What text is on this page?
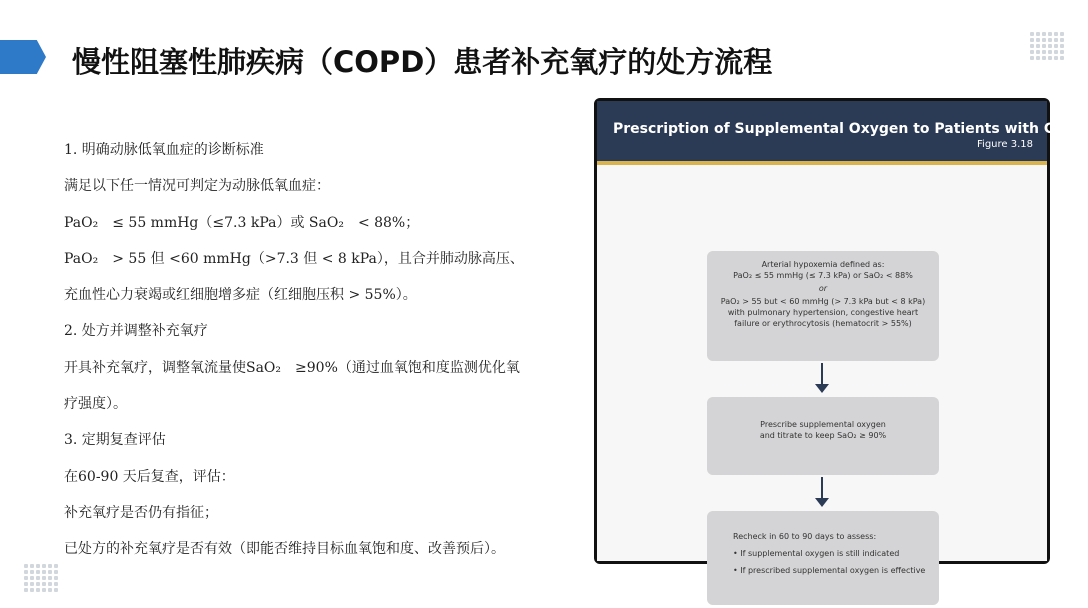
慢性阻塞性肺疾病（COPD）患者补充氧疗的处方流程

1. 明确动脉低氧血症的诊断标准

满足以下任一情况可判定为动脉低氧血症：

PaO₂　≤ 55 mmHg（≤7.3 kPa）或 SaO₂　< 88%；

PaO₂　> 55 但 <60 mmHg（>7.3 但 < 8 kPa），且合并肺动脉高压、

充血性心力衰竭或红细胞增多症（红细胞压积 > 55%）。

2. 处方并调整补充氧疗

开具补充氧疗，调整氧流量使SaO₂　≥90%（通过血氧饱和度监测优化氧

疗强度）。

3. 定期复查评估

在60-90 天后复查，评估：

补充氧疗是否仍有指征；

已处方的补充氧疗是否有效（即能否维持目标血氧饱和度、改善预后）。

Prescription of Supplemental Oxygen to Patients with COPD
Figure 3.18
Arterial hypoxemia defined as:
PaO₂ ≤ 55 mmHg (≤ 7.3 kPa) or SaO₂ < 88%
or
PaO₂ > 55 but < 60 mmHg (> 7.3 kPa but < 8 kPa)
with pulmonary hypertension, congestive heart
failure or erythrocytosis (hematocrit > 55%)
Prescribe supplemental oxygen
and titrate to keep SaO₂ ≥ 90%
Recheck in 60 to 90 days to assess:
• If supplemental oxygen is still indicated
• If prescribed supplemental oxygen is effective
